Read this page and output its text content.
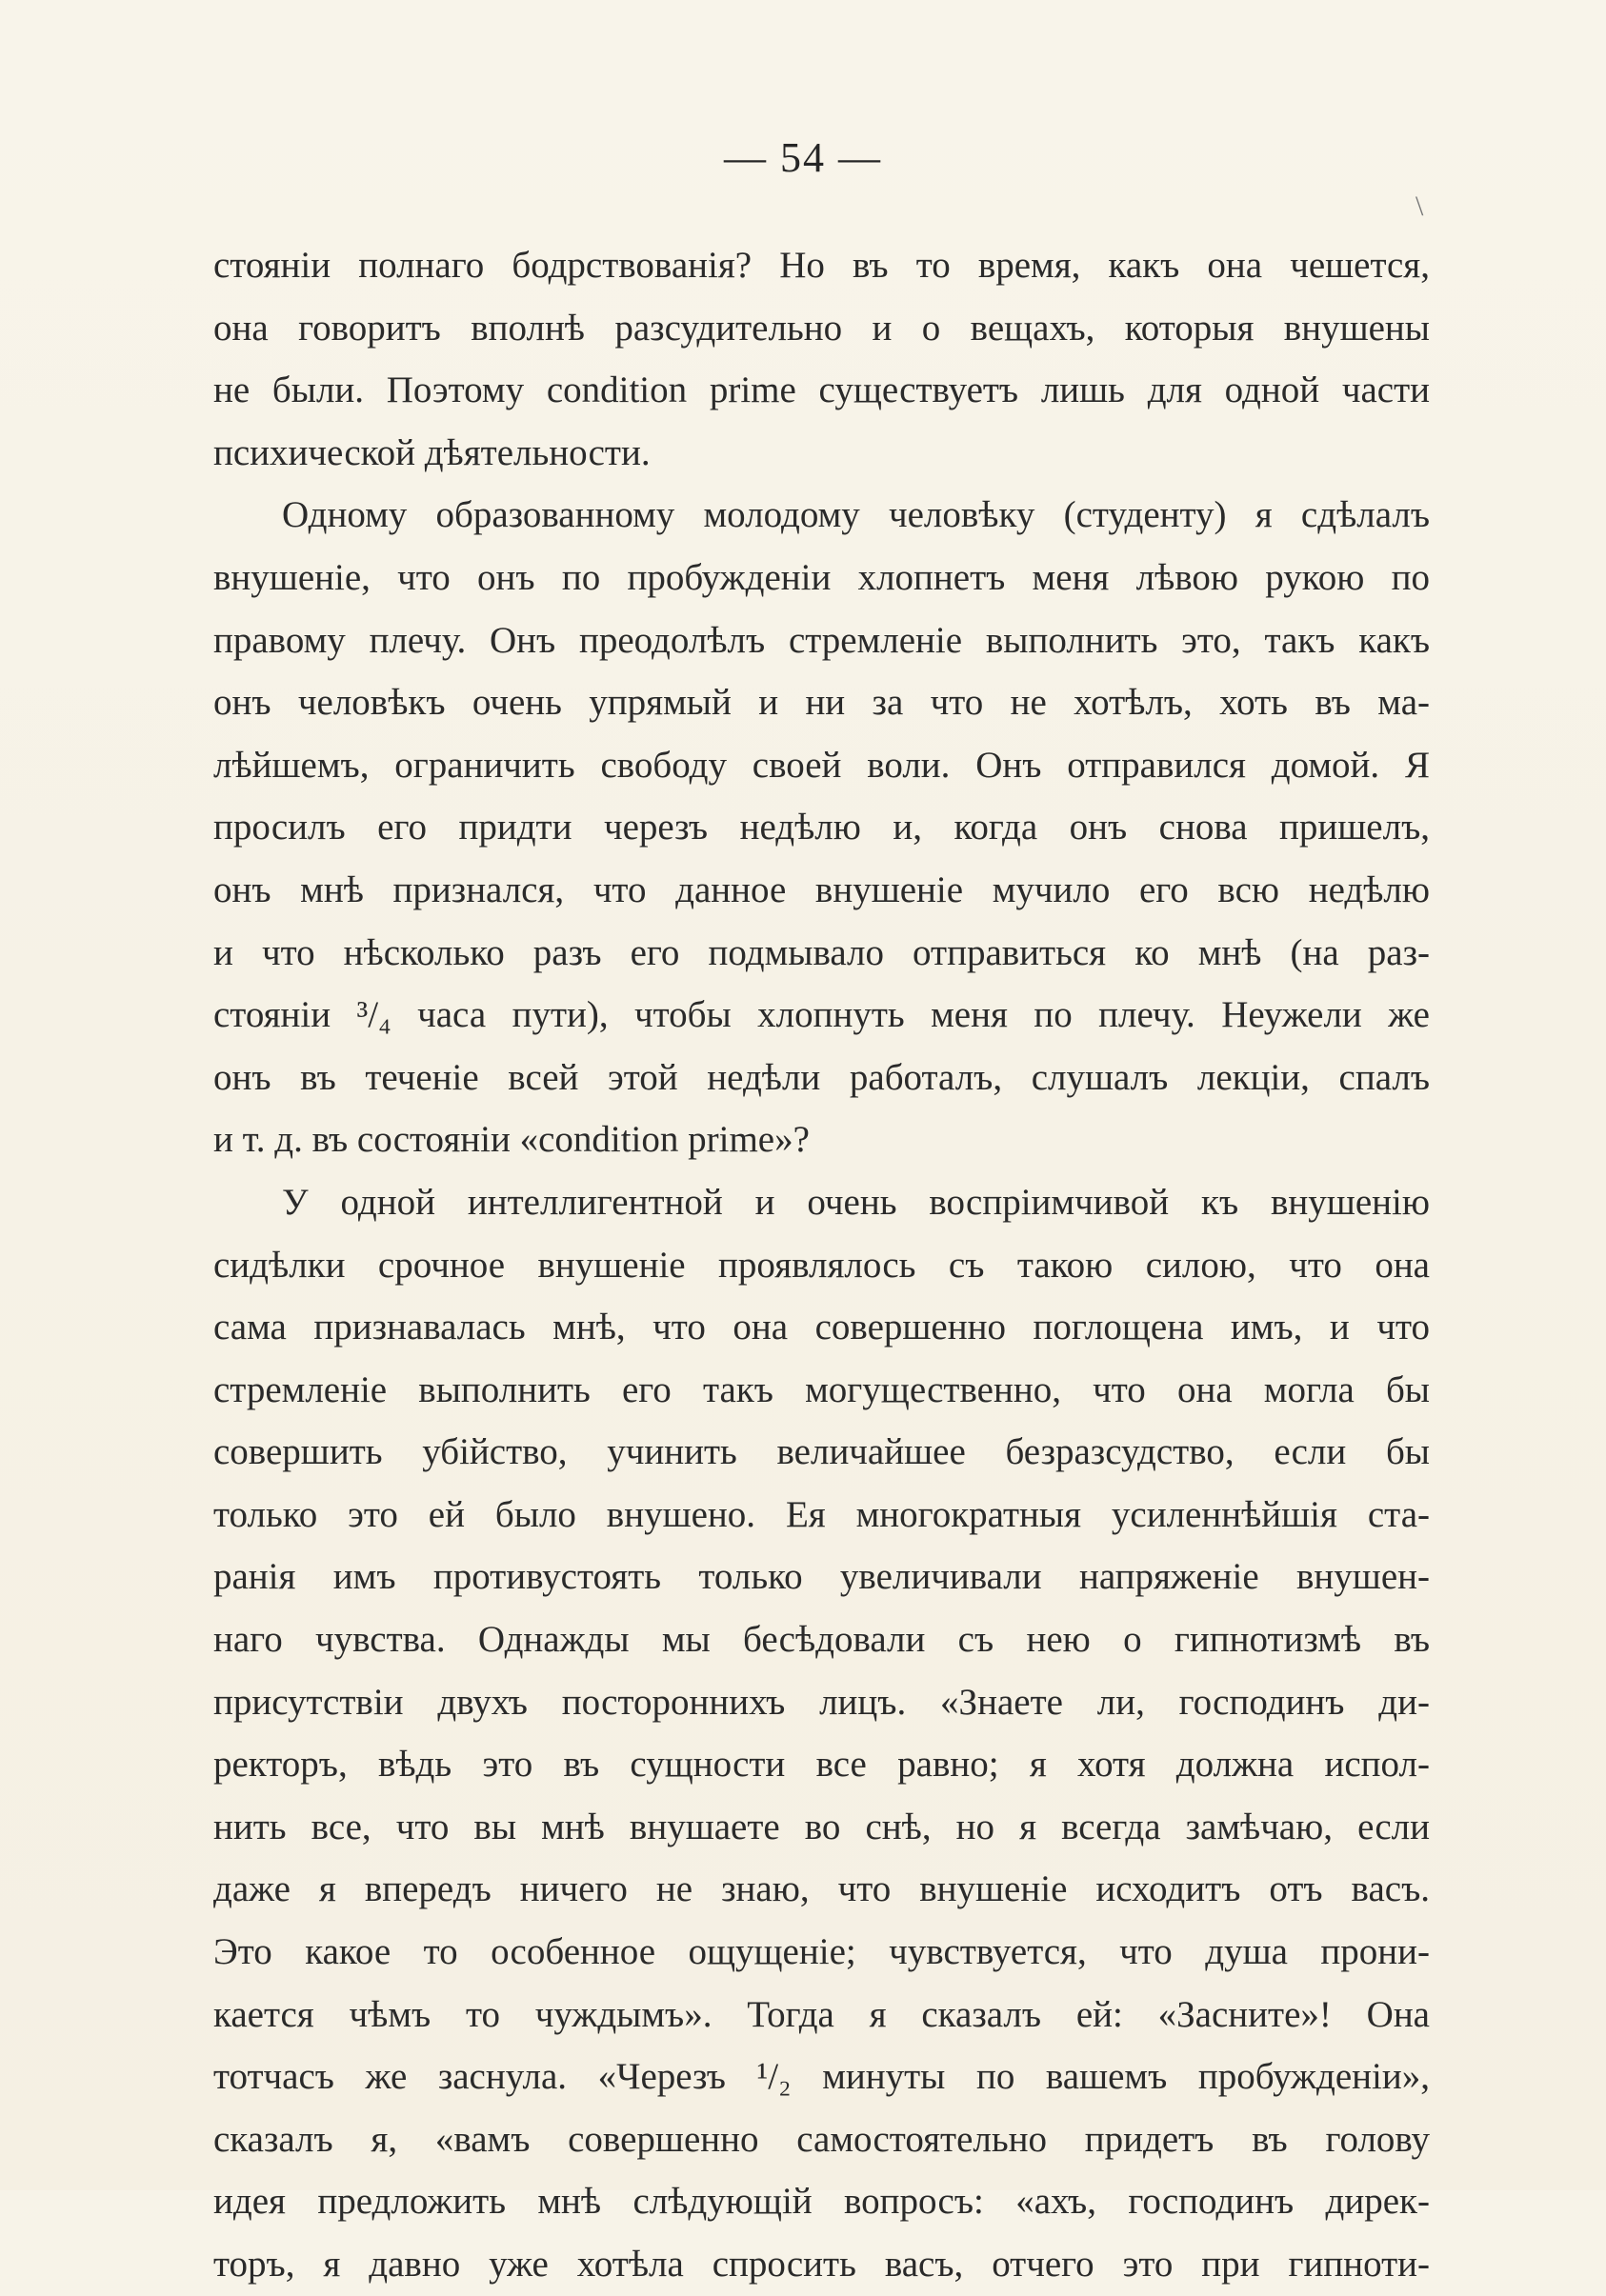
— 54 —
\
стояніи полнаго бодрствованія? Но въ то время, какъ она чешется,
она говоритъ вполнѣ разсудительно и о вещахъ, которыя внушены
не были. Поэтому condition prime существуетъ лишь для одной части
психической дѣятельности.
Одному образованному молодому человѣку (студенту) я сдѣлалъ
внушеніе, что онъ по пробужденіи хлопнетъ меня лѣвою рукою по
правому плечу. Онъ преодолѣлъ стремленіе выполнить это, такъ какъ
онъ человѣкъ очень упрямый и ни за что не хотѣлъ, хоть въ ма-
лѣйшемъ, ограничить свободу своей воли. Онъ отправился домой. Я
просилъ его придти черезъ недѣлю и, когда онъ снова пришелъ,
онъ мнѣ признался, что данное внушеніе мучило его всю недѣлю
и что нѣсколько разъ его подмывало отправиться ко мнѣ (на раз-
стояніи ³/₄ часа пути), чтобы хлопнуть меня по плечу. Неужели же
онъ въ теченіе всей этой недѣли работалъ, слушалъ лекціи, спалъ
и т. д. въ состояніи «condition prime»?
У одной интеллигентной и очень воспріимчивой къ внушенію
сидѣлки срочное внушеніе проявлялось съ такою силою, что она
сама признавалась мнѣ, что она совершенно поглощена имъ, и что
стремленіе выполнить его такъ могущественно, что она могла бы
совершить убійство, учинить величайшее безразсудство, если бы
только это ей было внушено. Ея многократныя усиленнѣйшія ста-
ранія имъ противустоять только увеличивали напряженіе внушен-
наго чувства. Однажды мы бесѣдовали съ нею о гипнотизмѣ въ
присутствіи двухъ постороннихъ лицъ. «Знаете ли, господинъ ди-
ректоръ, вѣдь это въ сущности все равно; я хотя должна испол-
нить все, что вы мнѣ внушаете во снѣ, но я всегда замѣчаю, если
даже я впередъ ничего не знаю, что внушеніе исходитъ отъ васъ.
Это какое то особенное ощущеніе; чувствуется, что душа прони-
кается чѣмъ то чуждымъ». Тогда я сказалъ ей: «Засните»! Она
тотчасъ же заснула. «Черезъ ¹/₂ минуты по вашемъ пробужденіи»,
сказалъ я, «вамъ совершенно самостоятельно придетъ въ голову
идея предложить мнѣ слѣдующій вопросъ: «ахъ, господинъ дирек-
торъ, я давно уже хотѣла спросить васъ, отчего это при гипноти-
